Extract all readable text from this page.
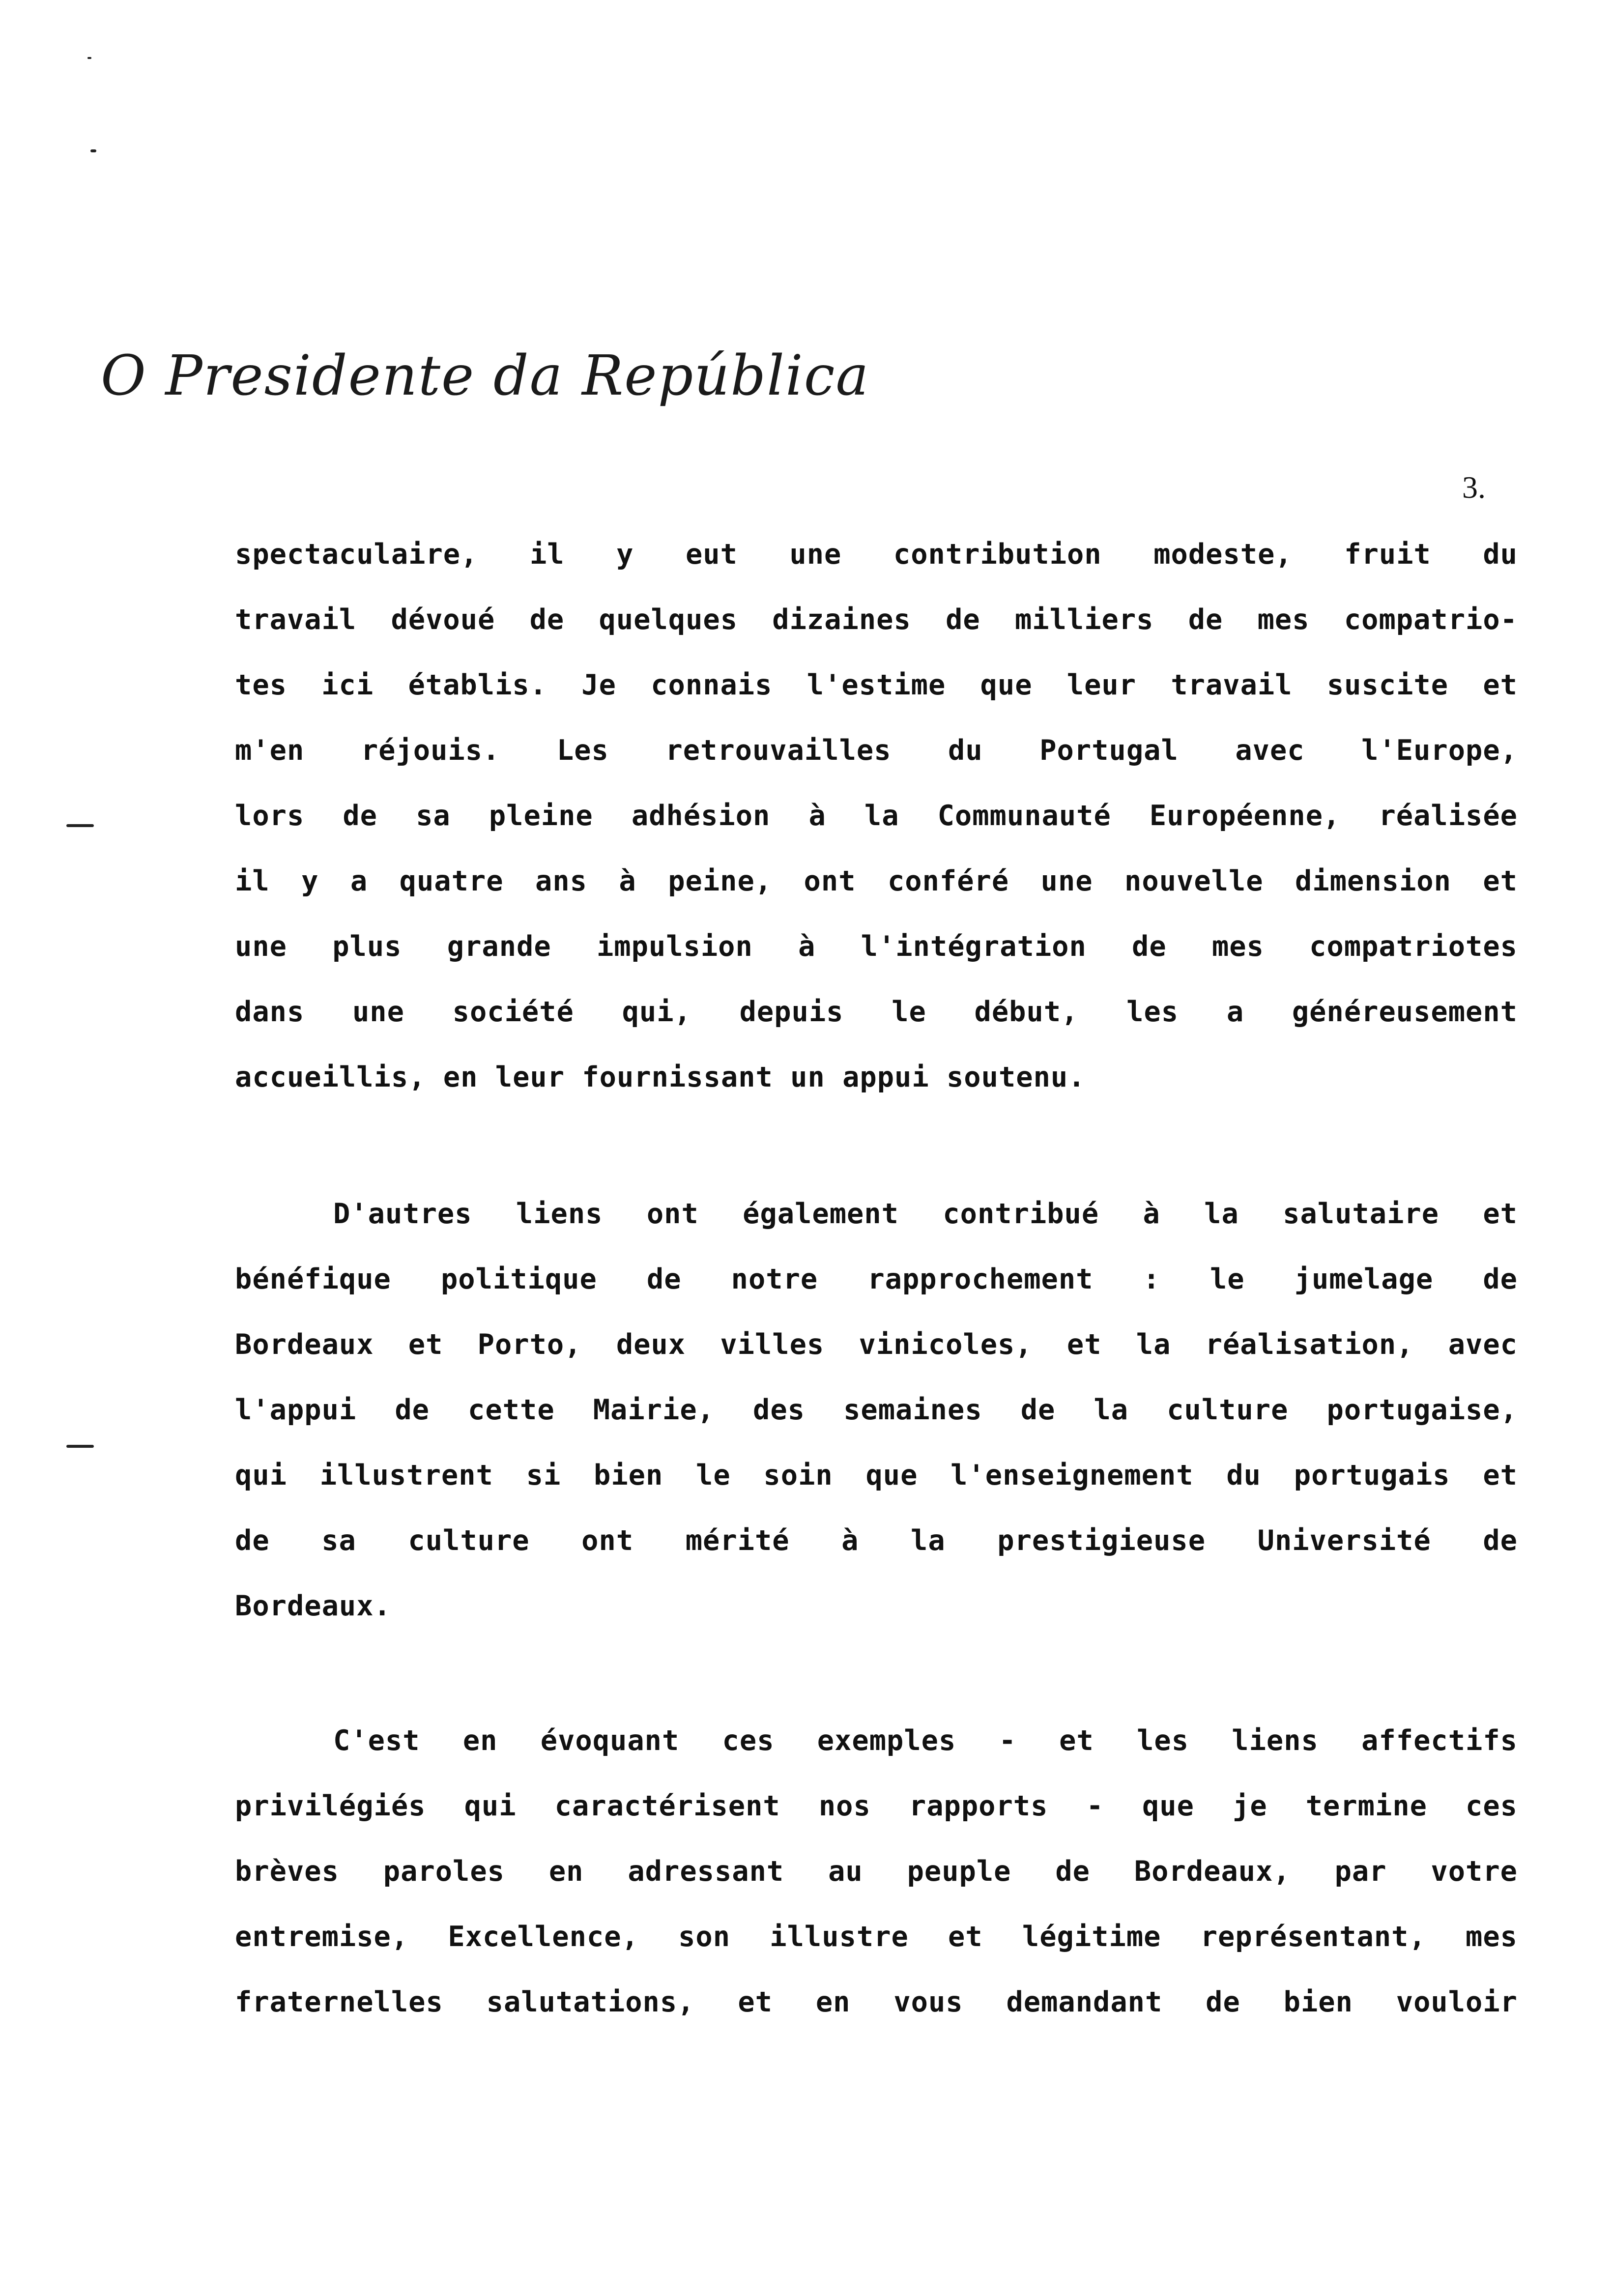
O Presidente da República
3.
spectaculaire, il y eut une contribution modeste, fruit du
travail dévoué de quelques dizaines de milliers de mes compatrio-
tes ici établis. Je connais l'estime que leur travail suscite et
m'en réjouis. Les retrouvailles du Portugal avec l'Europe,
lors de sa pleine adhésion à la Communauté Européenne, réalisée
il y a quatre ans à peine, ont conféré une nouvelle dimension et
une plus grande impulsion à l'intégration de mes compatriotes
dans une société qui, depuis le début, les a généreusement
accueillis, en leur fournissant un appui soutenu.
D'autres liens ont également contribué à la salutaire et
bénéfique politique de notre rapprochement : le jumelage de
Bordeaux et Porto, deux villes vinicoles, et la réalisation, avec
l'appui de cette Mairie, des semaines de la culture portugaise,
qui illustrent si bien le soin que l'enseignement du portugais et
de sa culture ont mérité à la prestigieuse Université de
Bordeaux.
C'est en évoquant ces exemples - et les liens affectifs
privilégiés qui caractérisent nos rapports - que je termine ces
brèves paroles en adressant au peuple de Bordeaux, par votre
entremise, Excellence, son illustre et légitime représentant, mes
fraternelles salutations, et en vous demandant de bien vouloir
